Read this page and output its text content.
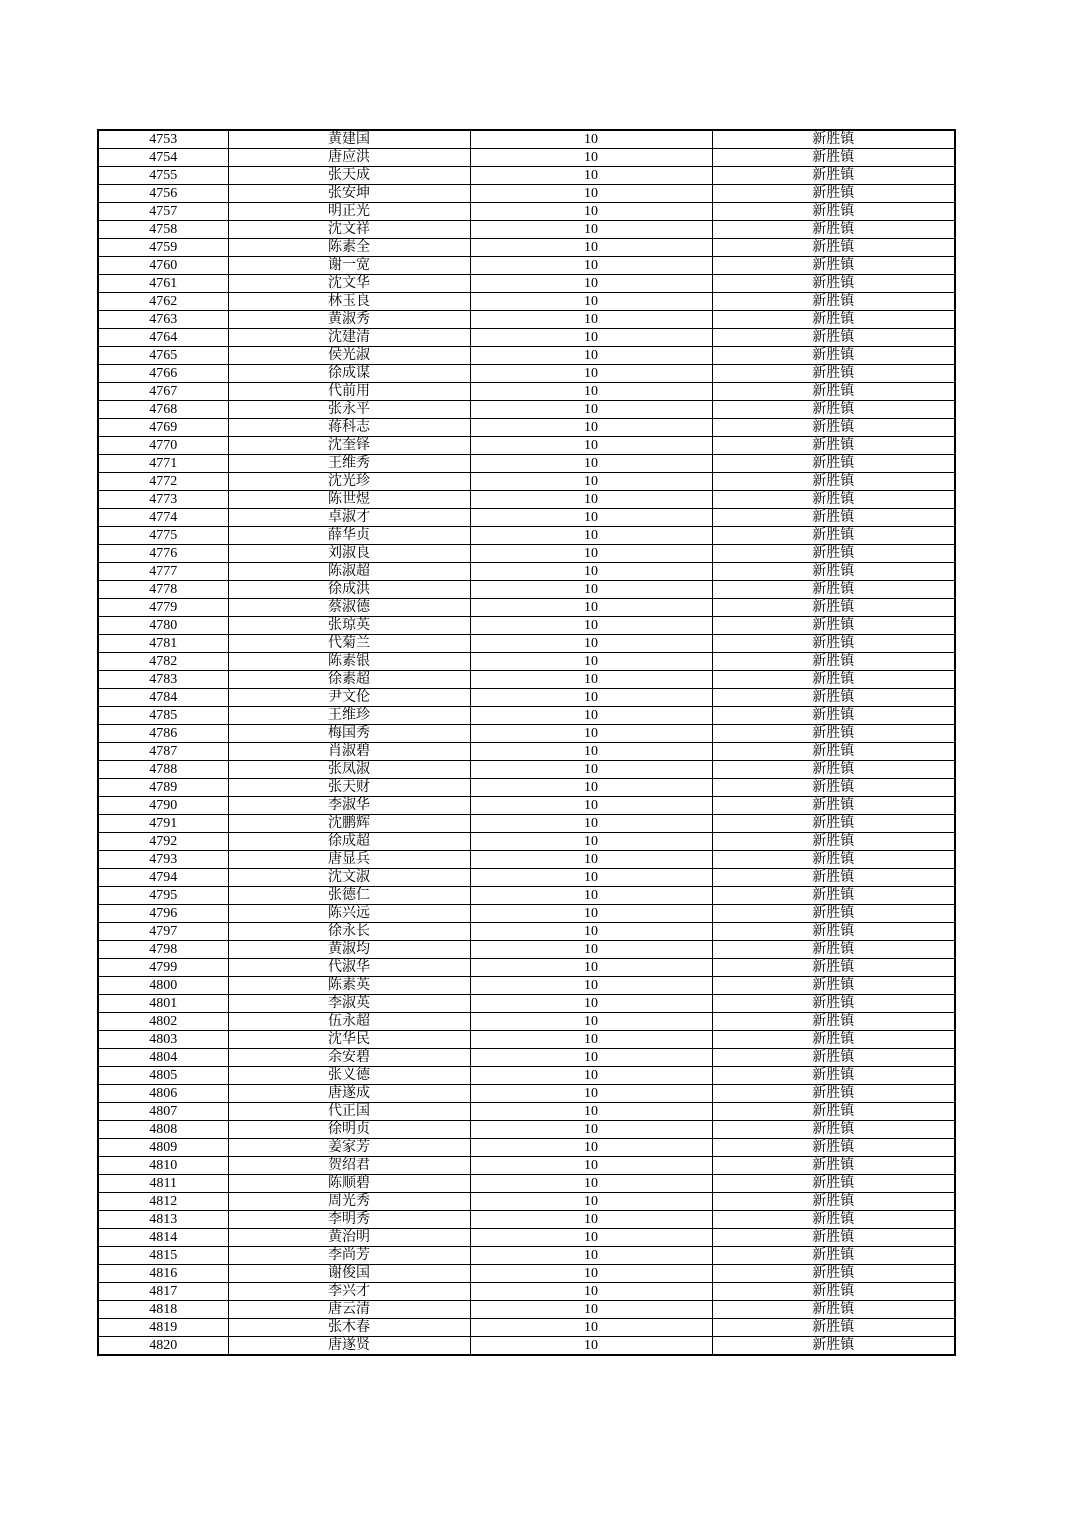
4753	黄建国	10	新胜镇
4754	唐应洪	10	新胜镇
4755	张天成	10	新胜镇
4756	张安坤	10	新胜镇
4757	明正光	10	新胜镇
4758	沈文祥	10	新胜镇
4759	陈素全	10	新胜镇
4760	谢一宽	10	新胜镇
4761	沈文华	10	新胜镇
4762	林玉良	10	新胜镇
4763	黄淑秀	10	新胜镇
4764	沈建清	10	新胜镇
4765	侯光淑	10	新胜镇
4766	徐成谋	10	新胜镇
4767	代前用	10	新胜镇
4768	张永平	10	新胜镇
4769	蒋科志	10	新胜镇
4770	沈奎铎	10	新胜镇
4771	王维秀	10	新胜镇
4772	沈光珍	10	新胜镇
4773	陈世煜	10	新胜镇
4774	卓淑才	10	新胜镇
4775	薛华贞	10	新胜镇
4776	刘淑良	10	新胜镇
4777	陈淑超	10	新胜镇
4778	徐成洪	10	新胜镇
4779	蔡淑德	10	新胜镇
4780	张琼英	10	新胜镇
4781	代菊兰	10	新胜镇
4782	陈素银	10	新胜镇
4783	徐素超	10	新胜镇
4784	尹文伦	10	新胜镇
4785	王维珍	10	新胜镇
4786	梅国秀	10	新胜镇
4787	肖淑碧	10	新胜镇
4788	张凤淑	10	新胜镇
4789	张天财	10	新胜镇
4790	李淑华	10	新胜镇
4791	沈鹏辉	10	新胜镇
4792	徐成超	10	新胜镇
4793	唐显兵	10	新胜镇
4794	沈文淑	10	新胜镇
4795	张德仁	10	新胜镇
4796	陈兴远	10	新胜镇
4797	徐永长	10	新胜镇
4798	黄淑均	10	新胜镇
4799	代淑华	10	新胜镇
4800	陈素英	10	新胜镇
4801	李淑英	10	新胜镇
4802	伍永超	10	新胜镇
4803	沈华民	10	新胜镇
4804	余安碧	10	新胜镇
4805	张义德	10	新胜镇
4806	唐遂成	10	新胜镇
4807	代正国	10	新胜镇
4808	徐明贞	10	新胜镇
4809	姜家芳	10	新胜镇
4810	贺绍君	10	新胜镇
4811	陈顺碧	10	新胜镇
4812	周光秀	10	新胜镇
4813	李明秀	10	新胜镇
4814	黄治明	10	新胜镇
4815	李尚芳	10	新胜镇
4816	谢俊国	10	新胜镇
4817	李兴才	10	新胜镇
4818	唐云清	10	新胜镇
4819	张木春	10	新胜镇
4820	唐遂贤	10	新胜镇
